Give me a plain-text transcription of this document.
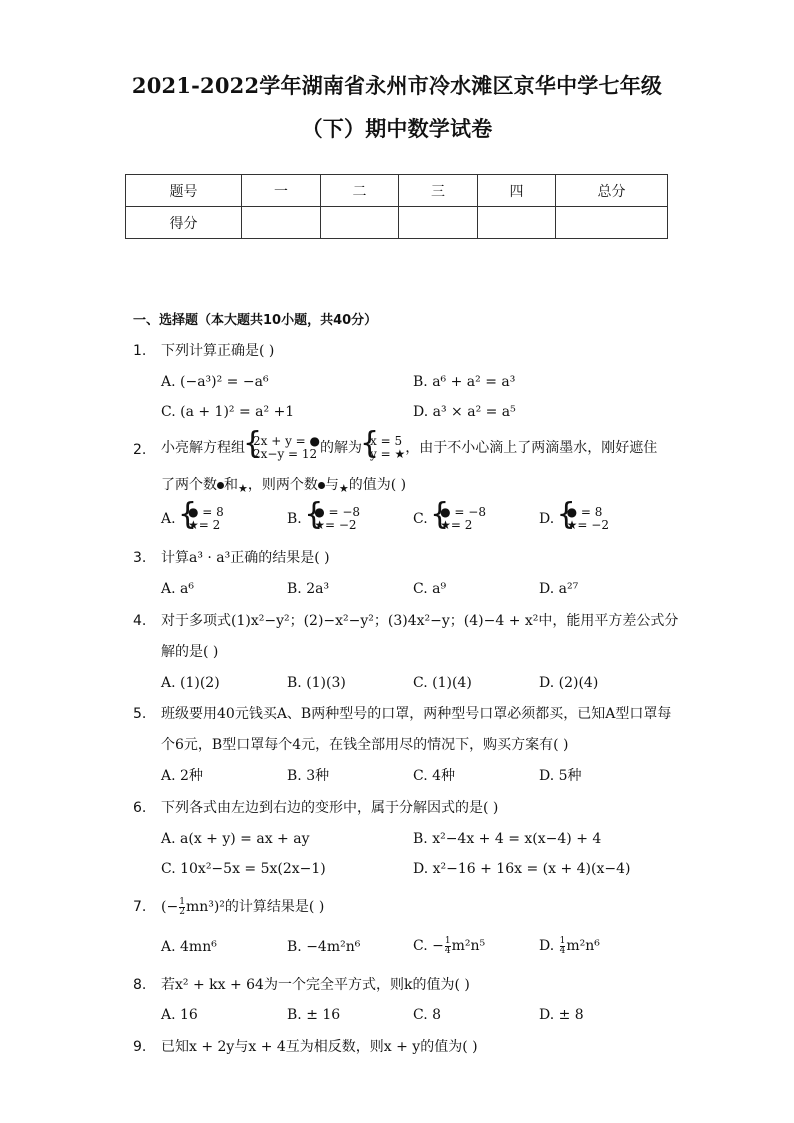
2021-2022学年湖南省永州市冷水滩区京华中学七年级
（下）期中数学试卷
题号	一	二	三	四	总分
得分					
一、选择题（本大题共10小题，共40分）
1. 下列计算正确是( )
A. (−a³)² = −a⁶	B. a⁶ + a² = a³
C. (a + 1)² = a² +1	D. a³ × a² = a⁵
2. 小亮解方程组 { 2x + y = ●
2x−y = 12 的解为 { x = 5
y = ★ ，由于不小心滴上了两滴墨水，刚好遮住
了两个数 和$_★$，则两个数 与$_★$的值为( )
A. { ● = 8
★= 2	B. { ● = −8
★= −2	C. { ● = −8
★= 2	D. { ● = 8
★= −2
3. 计算a³ · a³正确的结果是( )
A. a⁶	B. 2a³	C. a⁹	D. a²⁷
4. 对于多项式(1)x²−y²；(2)−x²−y²；(3)4x²−y；(4)−4 + x²中，能用平方差公式分
解的是( )
A. (1)(2)	B. (1)(3)	C. (1)(4)	D. (2)(4)
5. 班级要用40元钱买A、B两种型号的口罩，两种型号口罩必须都买，已知A型口罩每
个6元，B型口罩每个4元，在钱全部用尽的情况下，购买方案有( )
A. 2种	B. 3种	C. 4种	D. 5种
6. 下列各式由左边到右边的变形中，属于分解因式的是( )
A. a(x + y) = ax + ay	B. x²−4x + 4 = x(x−4) + 4
C. 10x²−5x = 5x(2x−1)	D. x²−16 + 16x = (x + 4)(x−4)
7. (− $\frac{1}{2} mn^3)^2$的计算结果是( )
A. 4mn⁶	B. −4m²n⁶	C. − $\frac{1}{4} m^2n^5$	D. $\frac{1}{4} m^2n^6$
8. 若x² + kx + 64为一个完全平方式，则k的值为( )
A. 16	B. ± 16	C. 8	D. ± 8
9. 已知x + 2y与x + 4互为相反数，则x + y的值为( )
